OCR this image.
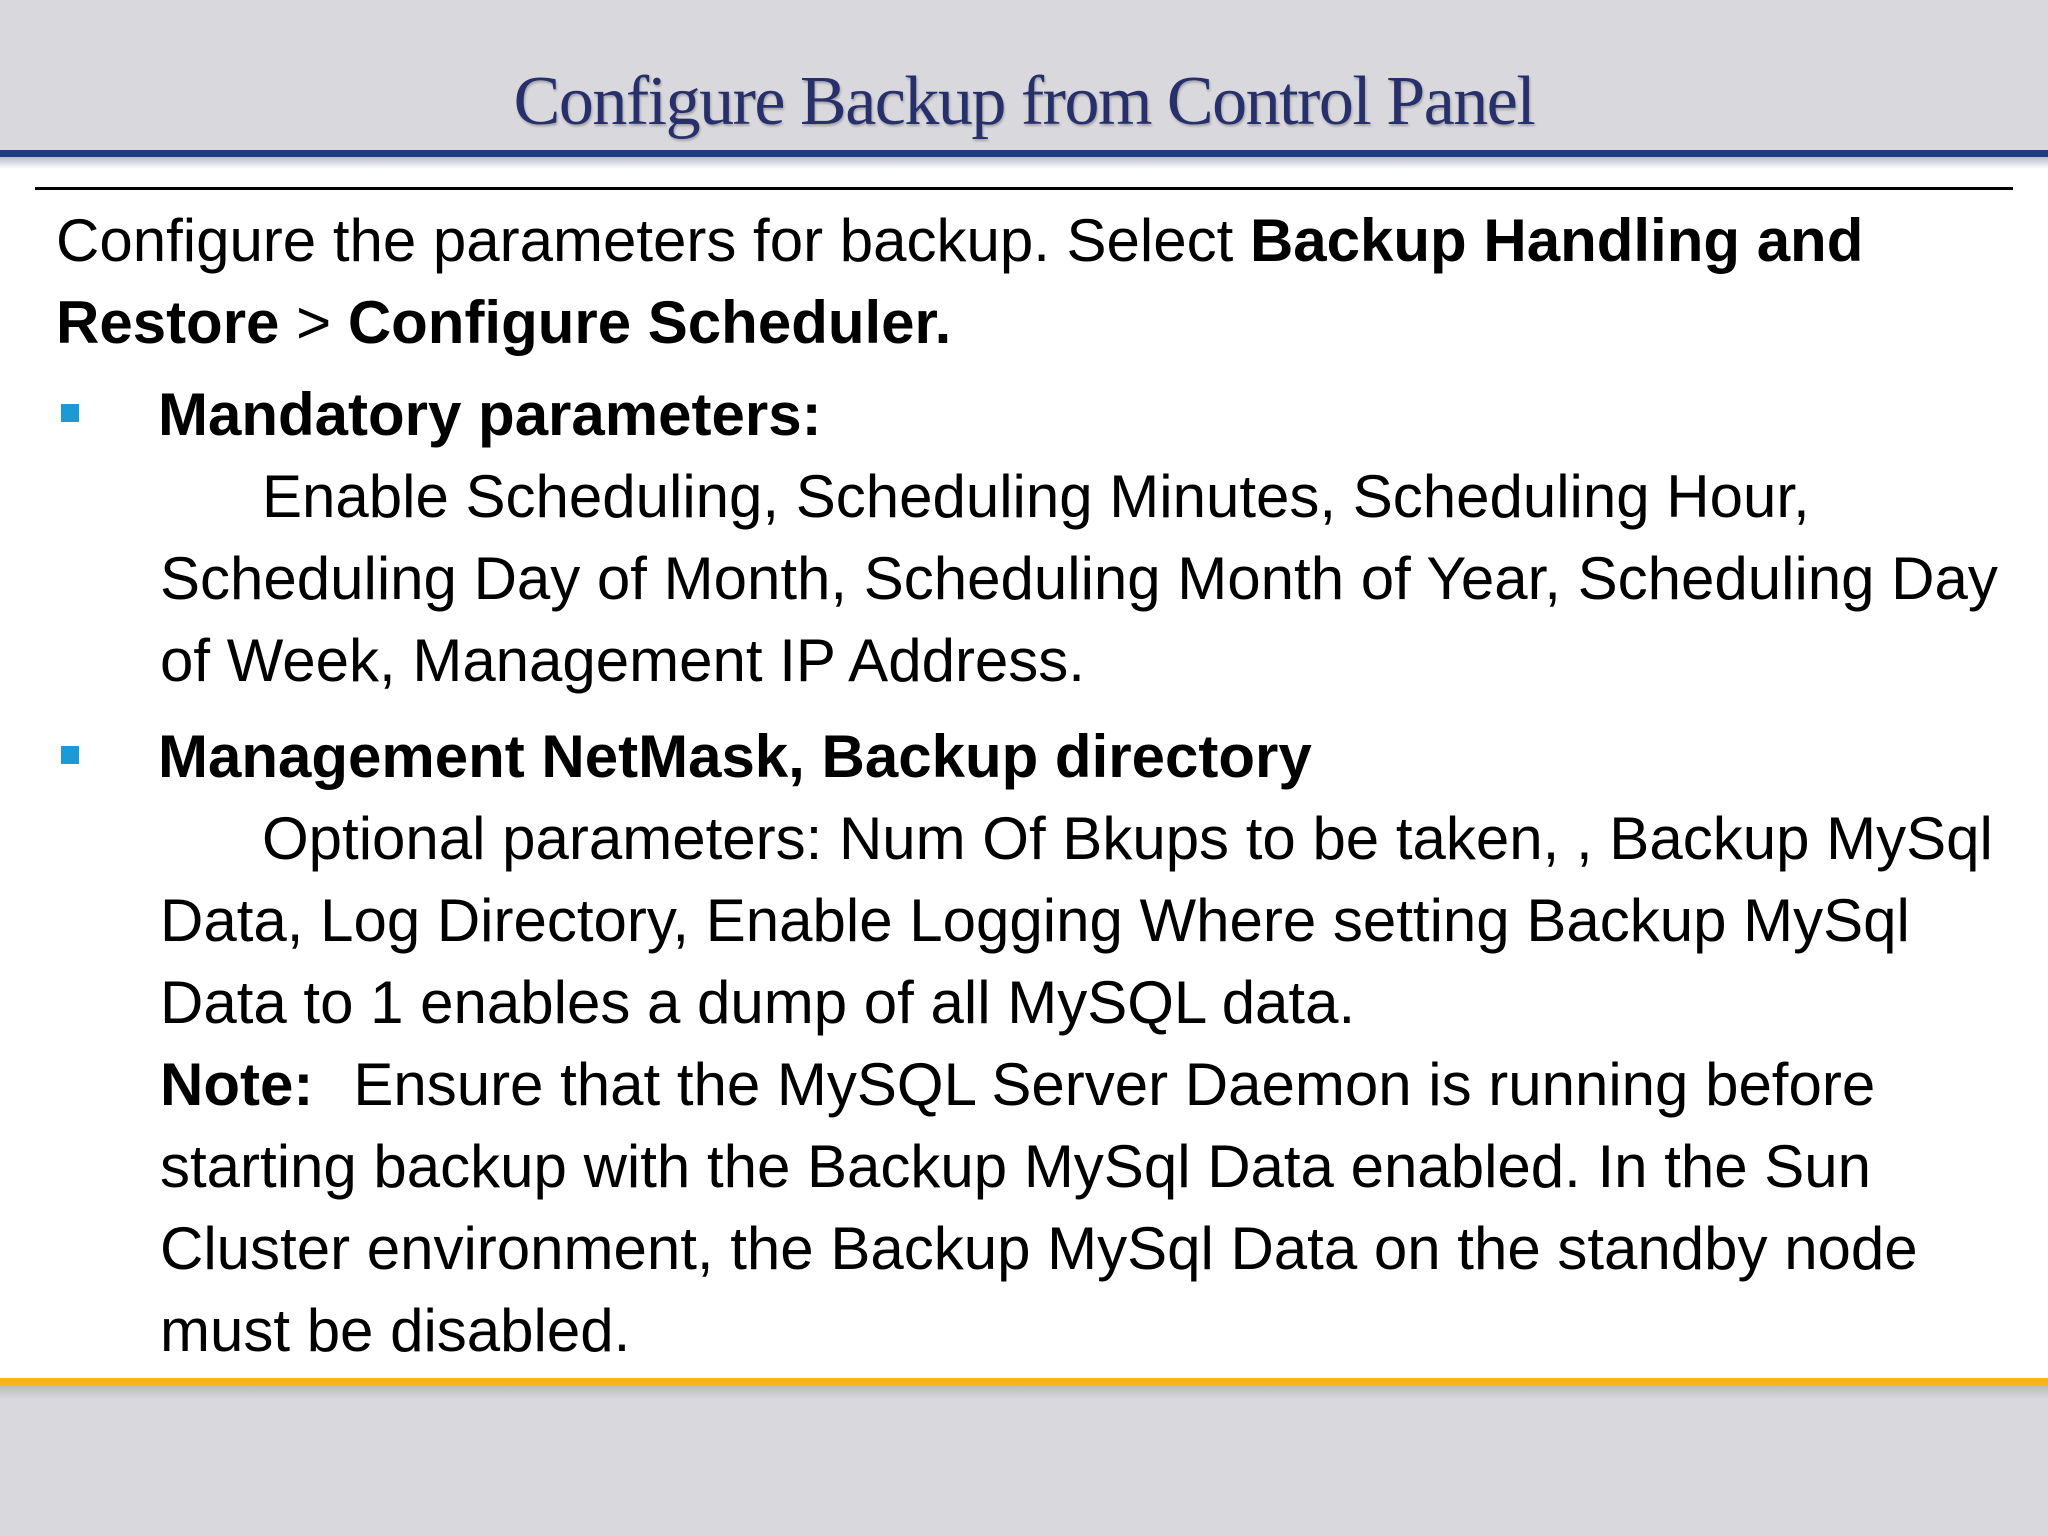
Configure Backup from Control Panel

Configure the parameters for backup. Select Backup Handling and Restore > Configure Scheduler.

Mandatory parameters:
Enable Scheduling, Scheduling Minutes, Scheduling Hour, Scheduling Day of Month, Scheduling Month of Year, Scheduling Day of Week, Management IP Address.
Management NetMask, Backup directory
Optional parameters: Num Of Bkups to be taken, , Backup MySql Data, Log Directory, Enable Logging Where setting Backup MySql Data to 1 enables a dump of all MySQL data.
Note: Ensure that the MySQL Server Daemon is running before starting backup with the Backup MySql Data enabled. In the Sun Cluster environment, the Backup MySql Data on the standby node must be disabled.
